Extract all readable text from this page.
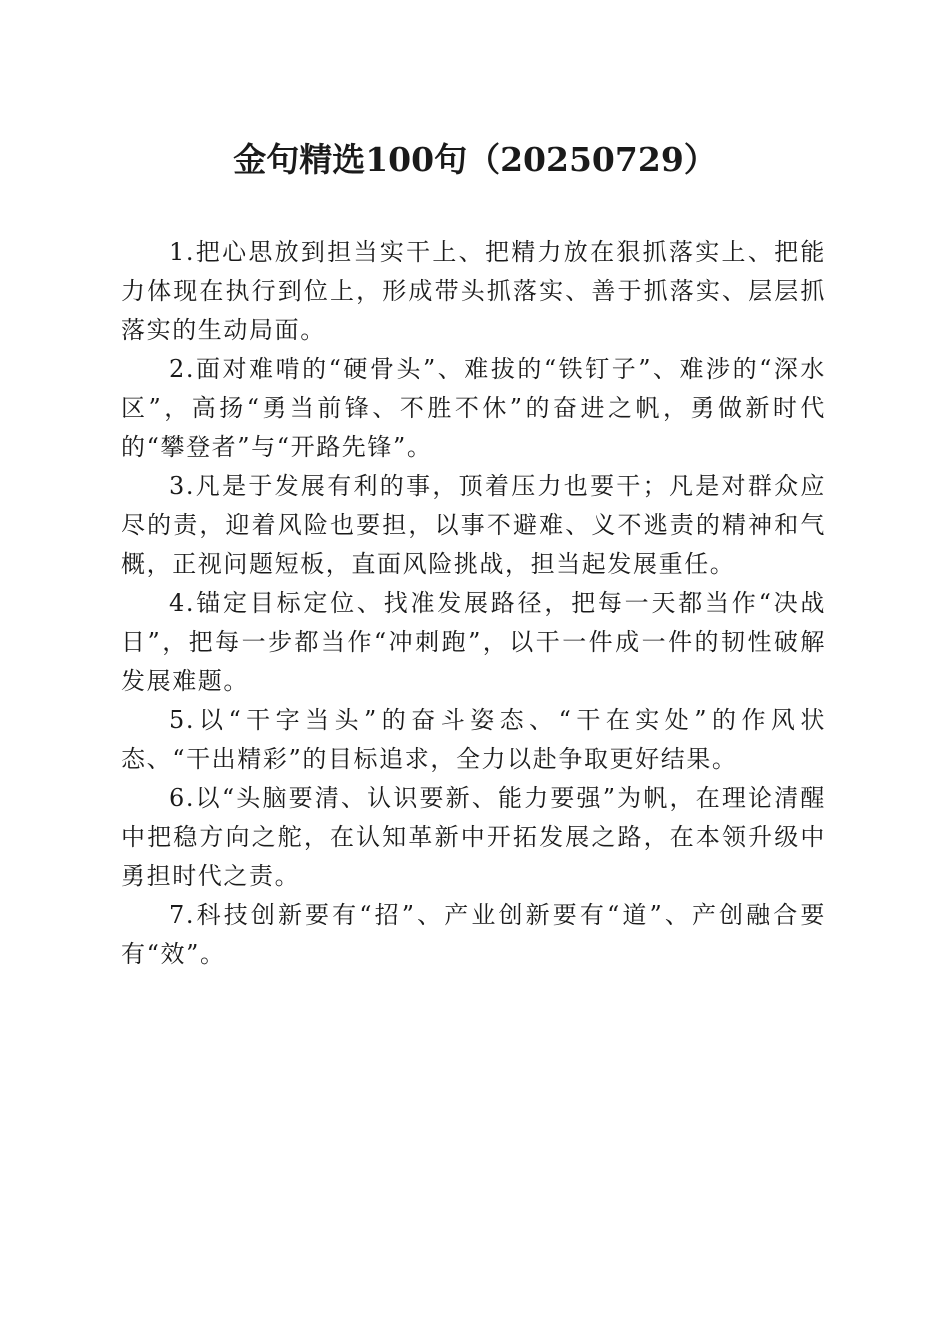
金句精选100句（20250729）

1.把心思放到担当实干上、把精力放在狠抓落实上、把能力体现在执行到位上，形成带头抓落实、善于抓落实、层层抓落实的生动局面。

2.面对难啃的“硬骨头”、难拔的“铁钉子”、难涉的“深水区”，高扬“勇当前锋、不胜不休”的奋进之帆，勇做新时代的“攀登者”与“开路先锋”。

3.凡是于发展有利的事，顶着压力也要干；凡是对群众应尽的责，迎着风险也要担，以事不避难、义不逃责的精神和气概，正视问题短板，直面风险挑战，担当起发展重任。

4.锚定目标定位、找准发展路径，把每一天都当作“决战日”，把每一步都当作“冲刺跑”，以干一件成一件的韧性破解发展难题。

5.以“干字当头”的奋斗姿态、“干在实处”的作风状态、“干出精彩”的目标追求，全力以赴争取更好结果。

6.以“头脑要清、认识要新、能力要强”为帆，在理论清醒中把稳方向之舵，在认知革新中开拓发展之路，在本领升级中勇担时代之责。

7.科技创新要有“招”、产业创新要有“道”、产创融合要有“效”。
